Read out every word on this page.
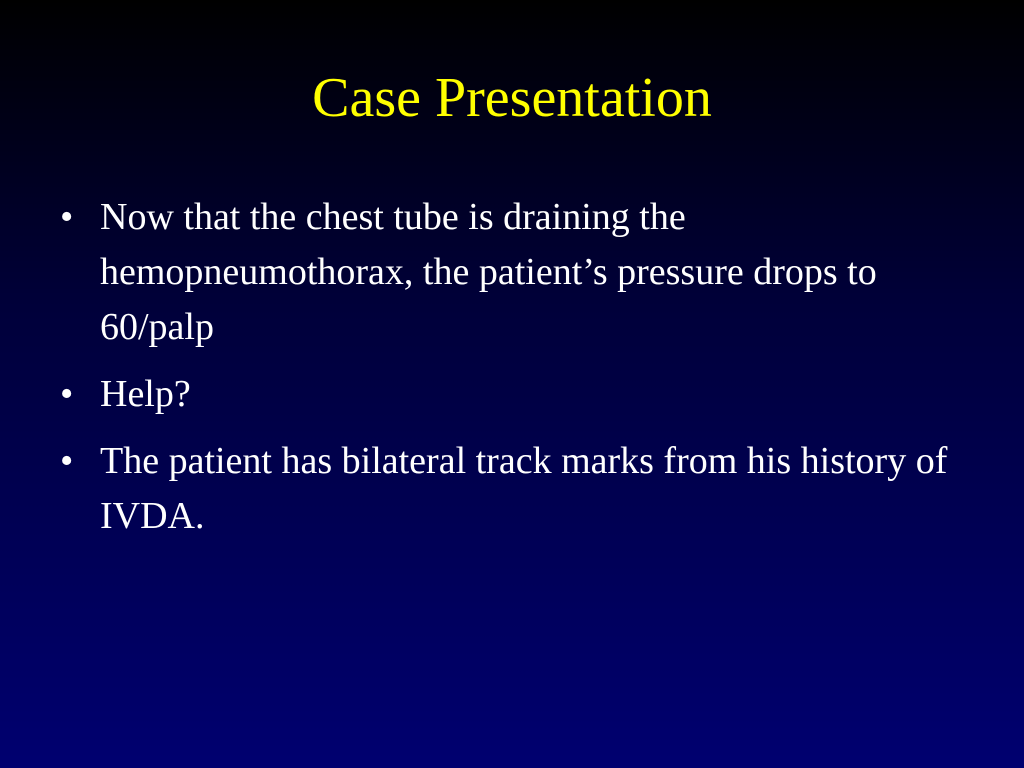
Case Presentation
• Now that the chest tube is draining the hemopneumothorax, the patient’s pressure drops to 60/palp
• Help?
• The patient has bilateral track marks from his history of IVDA.
